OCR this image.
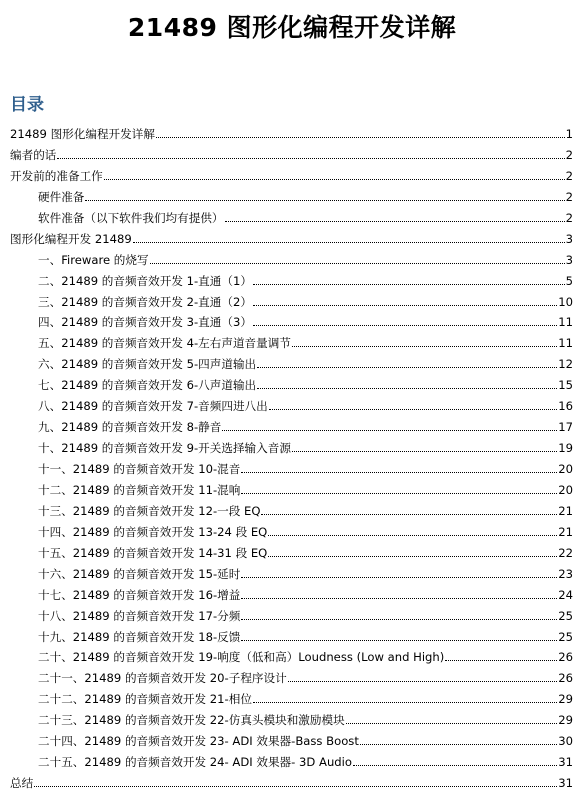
21489 图形化编程开发详解
目录
21489 图形化编程开发详解	1
编者的话	2
开发前的准备工作	2
硬件准备	2
软件准备（以下软件我们均有提供）	2
图形化编程开发 21489	3
一、Fireware 的烧写	3
二、21489 的音频音效开发 1-直通（1）	5
三、21489 的音频音效开发 2-直通（2）	10
四、21489 的音频音效开发 3-直通（3）	11
五、21489 的音频音效开发 4-左右声道音量调节	11
六、21489 的音频音效开发 5-四声道输出	12
七、21489 的音频音效开发 6-八声道输出	15
八、21489 的音频音效开发 7-音频四进八出	16
九、21489 的音频音效开发 8-静音	17
十、21489 的音频音效开发 9-开关选择输入音源	19
十一、21489 的音频音效开发 10-混音	20
十二、21489 的音频音效开发 11-混响	20
十三、21489 的音频音效开发 12-一段 EQ	21
十四、21489 的音频音效开发 13-24 段 EQ	21
十五、21489 的音频音效开发 14-31 段 EQ	22
十六、21489 的音频音效开发 15-延时	23
十七、21489 的音频音效开发 16-增益	24
十八、21489 的音频音效开发 17-分频	25
十九、21489 的音频音效开发 18-反馈	25
二十、21489 的音频音效开发 19-响度（低和高）Loudness (Low and High)	26
二十一、21489 的音频音效开发 20-子程序设计	26
二十二、21489 的音频音效开发 21-相位	29
二十三、21489 的音频音效开发 22-仿真头模块和激励模块	29
二十四、21489 的音频音效开发 23- ADI 效果器-Bass Boost	30
二十五、21489 的音频音效开发 24- ADI 效果器- 3D Audio	31
总结	31
